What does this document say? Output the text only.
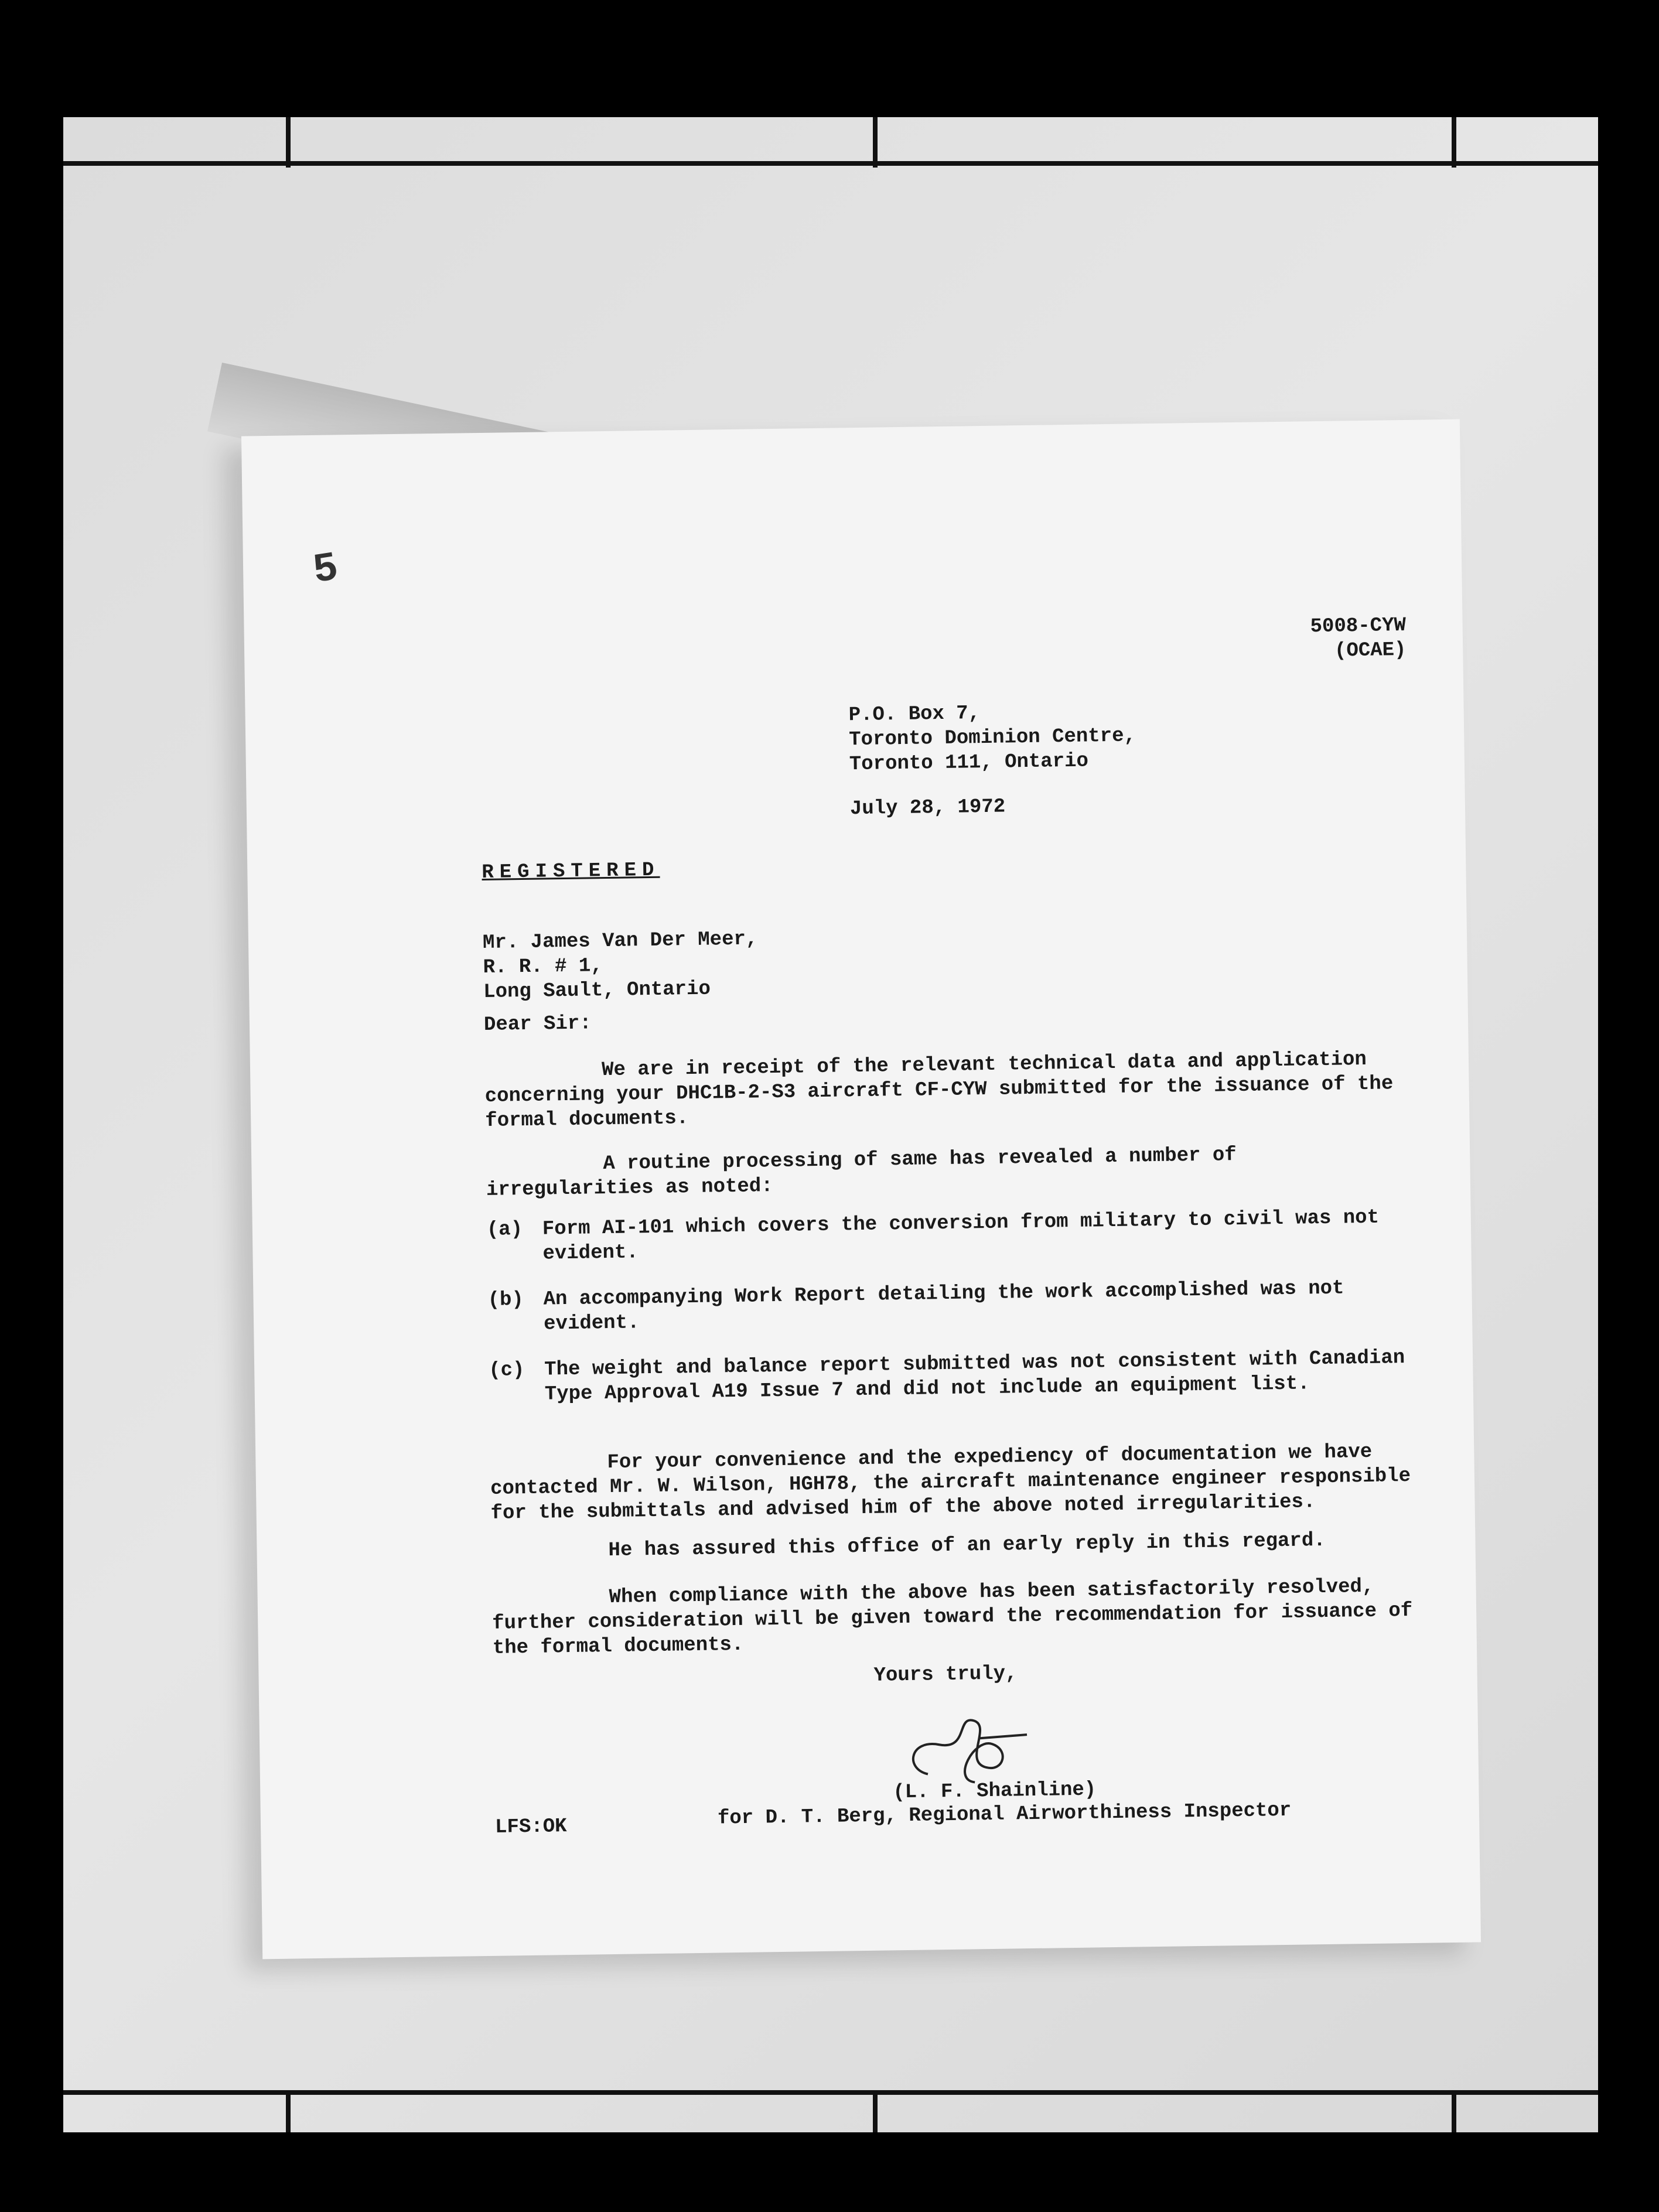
5
5008-CYW
(OCAE)
P.O. Box 7,
Toronto Dominion Centre,
Toronto 111, Ontario
July 28, 1972
REGISTERED
Mr. James Van Der Meer,
R. R. # 1,
Long Sault, Ontario
Dear Sir:
We are in receipt of the relevant technical data and application concerning your DHC1B-2-S3 aircraft CF-CYW submitted for the issuance of the formal documents.
A routine processing of same has revealed a number of irregularities as noted:
(a) Form AI-101 which covers the conversion from military to civil was not evident.
(b) An accompanying Work Report detailing the work accomplished was not evident.
(c) The weight and balance report submitted was not consistent with Canadian Type Approval A19 Issue 7 and did not include an equipment list.
For your convenience and the expediency of documentation we have contacted Mr. W. Wilson, HGH78, the aircraft maintenance engineer responsible for the submittals and advised him of the above noted irregularities.
He has assured this office of an early reply in this regard.
When compliance with the above has been satisfactorily resolved, further consideration will be given toward the recommendation for issuance of the formal documents.
Yours truly,
(L. F. Shainline)
LFS:OK	for D. T. Berg, Regional Airworthiness Inspector
